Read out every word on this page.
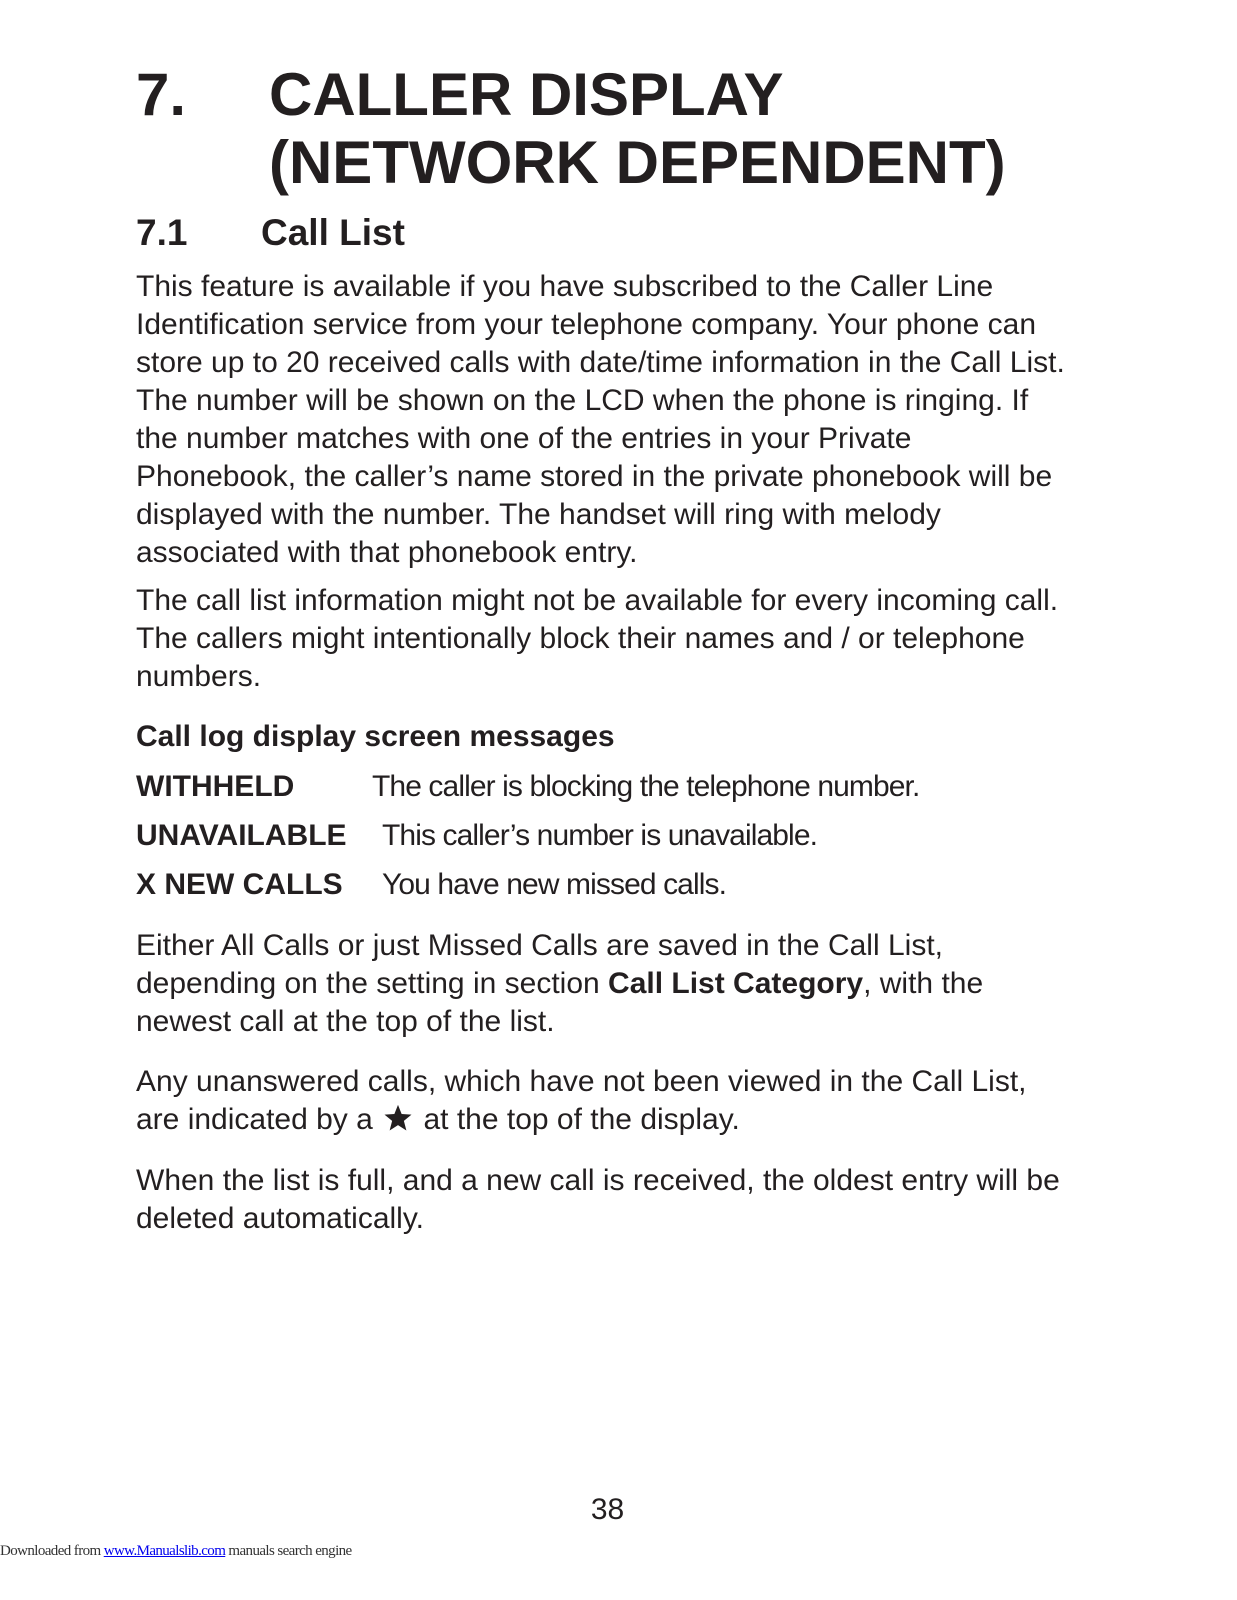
7. CALLER DISPLAY
(NETWORK DEPENDENT)
7.1 Call List

This feature is available if you have subscribed to the Caller Line Identification service from your telephone company. Your phone can store up to 20 received calls with date/time information in the Call List. The number will be shown on the LCD when the phone is ringing. If the number matches with one of the entries in your Private Phonebook, the caller’s name stored in the private phonebook will be displayed with the number. The handset will ring with melody associated with that phonebook entry.

The call list information might not be available for every incoming call. The callers might intentionally block their names and / or telephone numbers.

Call log display screen messages
WITHHELD	The caller is blocking the telephone number.
UNAVAILABLE This caller’s number is unavailable.
X NEW CALLS You have new missed calls.

Either All Calls or just Missed Calls are saved in the Call List, depending on the setting in section Call List Category, with the newest call at the top of the list.

Any unanswered calls, which have not been viewed in the Call List, are indicated by a  at the top of the display.

When the list is full, and a new call is received, the oldest entry will be deleted automatically.

38
Downloaded from www.Manualslib.com manuals search engine
